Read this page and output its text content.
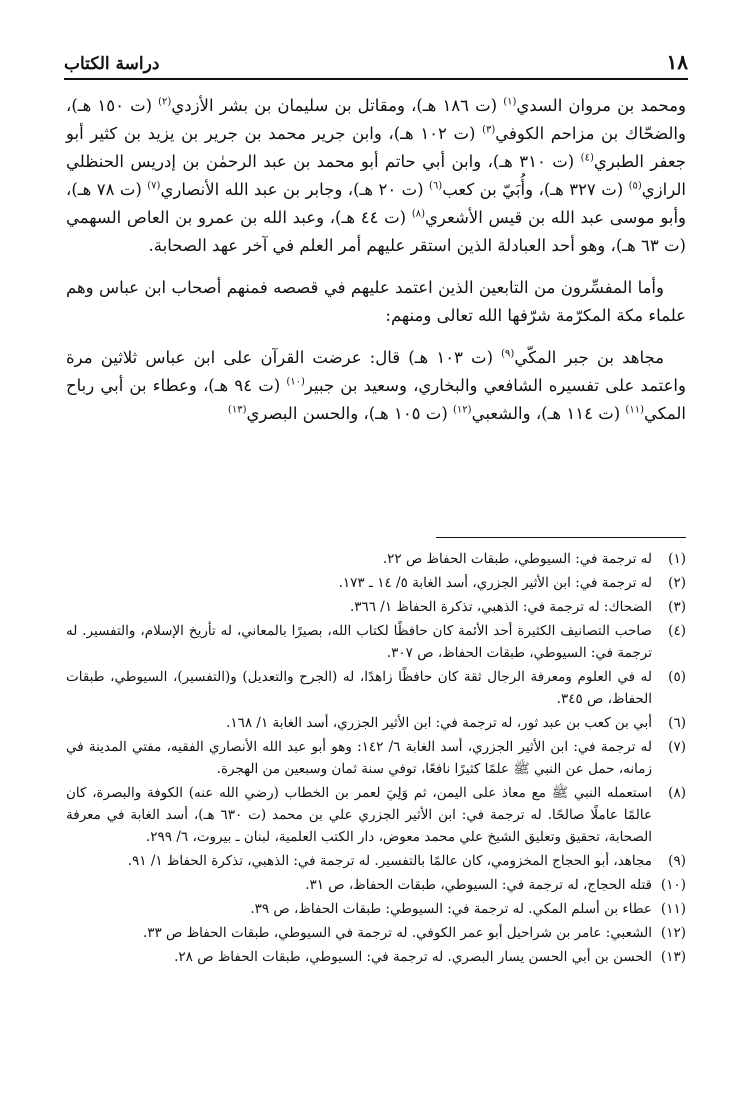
١٨
دراسة الكتاب

ومحمد بن مروان السدي$^{(١)}$ (ت ١٨٦ هـ)، ومقاتل بن سليمان بن بشر الأزدي$^{(٢)}$ (ت ١٥٠ هـ)، والضحّاك بن مزاحم الكوفي$^{(٣)}$ (ت ١٠٢ هـ)، وابن جرير محمد بن جرير بن يزيد بن كثير أبو جعفر الطبري$^{(٤)}$ (ت ٣١٠ هـ)، وابن أبي حاتم أبو محمد بن عبد الرحمٰن بن إدريس الحنظلي الرازي$^{(٥)}$ (ت ٣٢٧ هـ)، وأُبَيّ بن كعب$^{(٦)}$ (ت ٢٠ هـ)، وجابر بن عبد الله الأنصاري$^{(٧)}$ (ت ٧٨ هـ)، وأبو موسى عبد الله بن قيس الأشعري$^{(٨)}$ (ت ٤٤ هـ)، وعبد الله بن عمرو بن العاص السهمي (ت ٦٣ هـ)، وهو أحد العبادلة الذين استقر عليهم أمر العلم في آخر عهد الصحابة.

وأما المفسِّرون من التابعين الذين اعتمد عليهم في قصصه فمنهم أصحاب ابن عباس وهم علماء مكة المكرّمة شرّفها الله تعالى ومنهم:

مجاهد بن جبر المكّي$^{(٩)}$ (ت ١٠٣ هـ) قال: عرضت القرآن على ابن عباس ثلاثين مرة واعتمد على تفسيره الشافعي والبخاري، وسعيد بن جبير$^{(١٠)}$ (ت ٩٤ هـ)، وعطاء بن أبي رباح المكي$^{(١١)}$ (ت ١١٤ هـ)، والشعبي$^{(١٢)}$ (ت ١٠٥ هـ)، والحسن البصري$^{(١٣)}$

(١)
له ترجمة في: السيوطي، طبقات الحفاظ ص ٢٢.
(٢)
له ترجمة في: ابن الأثير الجزري، أسد الغابة ٥/ ١٤ ـ ١٧٣.
(٣)
الضحاك: له ترجمة في: الذهبي، تذكرة الحفاظ ١/ ٣٦٦.
(٤)
صاحب التصانيف الكثيرة أحد الأئمة كان حافظًا لكتاب الله، بصيرًا بالمعاني، له تأريخ الإسلام، والتفسير. له ترجمة في: السيوطي، طبقات الحفاظ، ص ٣٠٧.
(٥)
له في العلوم ومعرفة الرجال ثقة كان حافظًا زاهدًا، له (الجرح والتعديل) و(التفسير)، السيوطي، طبقات الحفاظ، ص ٣٤٥.
(٦)
أبي بن كعب بن عبد ثور، له ترجمة في: ابن الأثير الجزري، أسد الغابة ١/ ١٦٨.
(٧)
له ترجمة في: ابن الأثير الجزري، أسد الغابة ٦/ ١٤٢: وهو أبو عبد الله الأنصاري الفقيه، مفتي المدينة في زمانه، حمل عن النبي ﷺ علمًا كثيرًا نافعًا، توفي سنة ثمان وسبعين من الهجرة.
(٨)
استعمله النبي ﷺ مع معاذ على اليمن، ثم وَلِيَ لعمر بن الخطاب (رضي الله عنه) الكوفة والبصرة، كان عالمًا عاملًا صالحًا. له ترجمة في: ابن الأثير الجزري علي بن محمد (ت ٦٣٠ هـ)، أسد الغابة في معرفة الصحابة، تحقيق وتعليق الشيخ علي محمد معوض، دار الكتب العلمية، لبنان ـ بيروت، ٦/ ٢٩٩.
(٩)
مجاهد، أبو الحجاج المخزومي، كان عالمًا بالتفسير. له ترجمة في: الذهبي، تذكرة الحفاظ ١/ ٩١.
(١٠)
قتله الحجاج، له ترجمة في: السيوطي، طبقات الحفاظ، ص ٣١.
(١١)
عطاء بن أسلم المكي. له ترجمة في: السيوطي: طبقات الحفاظ، ص ٣٩.
(١٢)
الشعبي: عامر بن شراحيل أبو عمر الكوفي. له ترجمة في السيوطي، طبقات الحفاظ ص ٣٣.
(١٣)
الحسن بن أبي الحسن يسار البصري. له ترجمة في: السيوطي، طبقات الحفاظ ص ٢٨.
